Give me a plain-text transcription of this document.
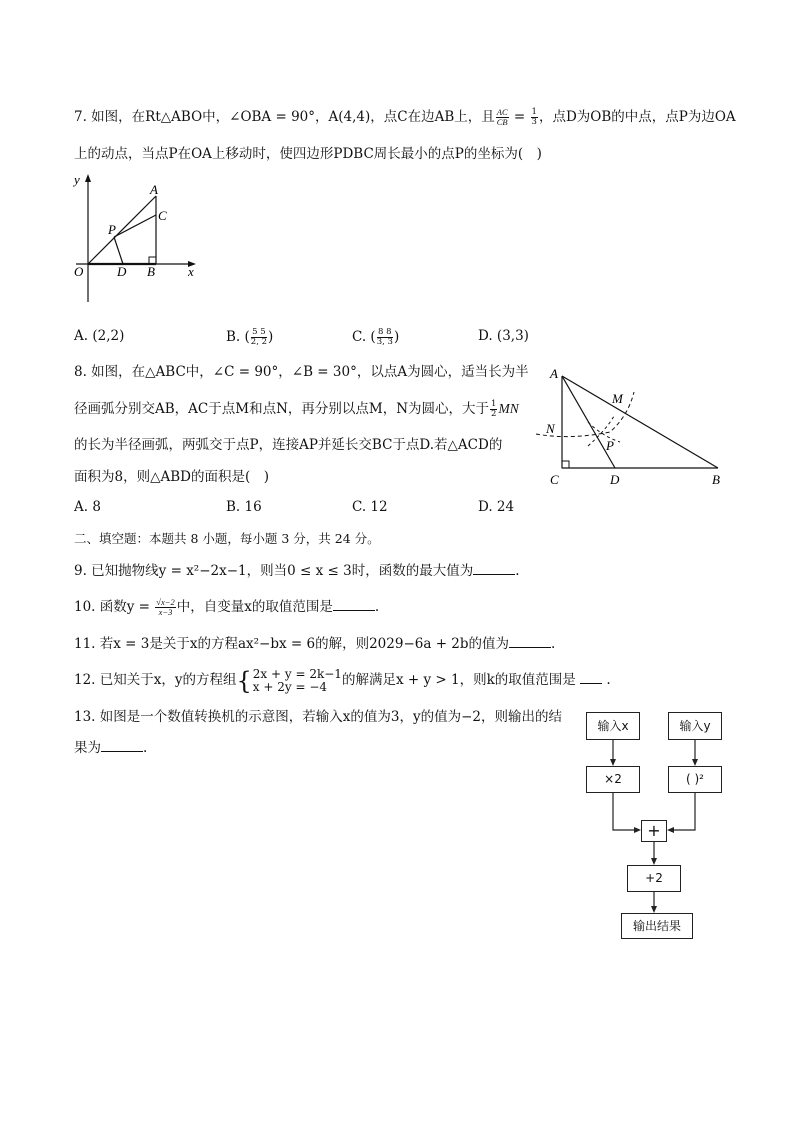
7. 如图，在Rt△ABO中，∠OBA = 90°，A(4,4)，点C在边AB上，且 $\frac{AC}{CB} = \frac{1}{3}$ ，点D为OB的中点，点P为边OA
上的动点，当点P在OA上移动时，使四边形PDBC周长最小的点P的坐标为(　)
y
x
O
A
C
P
D B
A. (2,2)	B. ( $\frac{5 5}{2, 2}$ )	C. ( $\frac{8 8}{3, 3}$ )	D. (3,3)
8. 如图，在△ABC中，∠C = 90°，∠B = 30°，以点A为圆心，适当长为半
径画弧分别交AB，AC于点M和点N，再分别以点M，N为圆心，大于 $\frac{1}{2}$ MN
的长为半径画弧，两弧交于点P，连接AP并延长交BC于点D.若△ACD的
面积为8，则△ABD的面积是(　)
A
M
N
P
C	D	B
A. 8	B. 16	C. 12	D. 24
二、填空题：本题共 8 小题，每小题 3 分，共 24 分。
9. 已知抛物线y = x²−2x−1，则当0 ≤ x ≤ 3时，函数的最大值为	.
10. 函数$y = \frac{√x-2}{x-3}$ 中，自变量x的取值范围是	.
11. 若x = 3是关于x的方程ax²−bx = 6的解，则2029−6a + 2b的值为	.
12. 已知关于x，y的方程组{ 2x + y = 2k−1
x + 2y = −4	的解满足x + y > 1，则k的取值范围是 .
13. 如图是一个数值转换机的示意图，若输入x的值为3，y的值为−2，则输出的结
果为	.
输入x	输入y
×2	( )²
+
+2
输出结果
